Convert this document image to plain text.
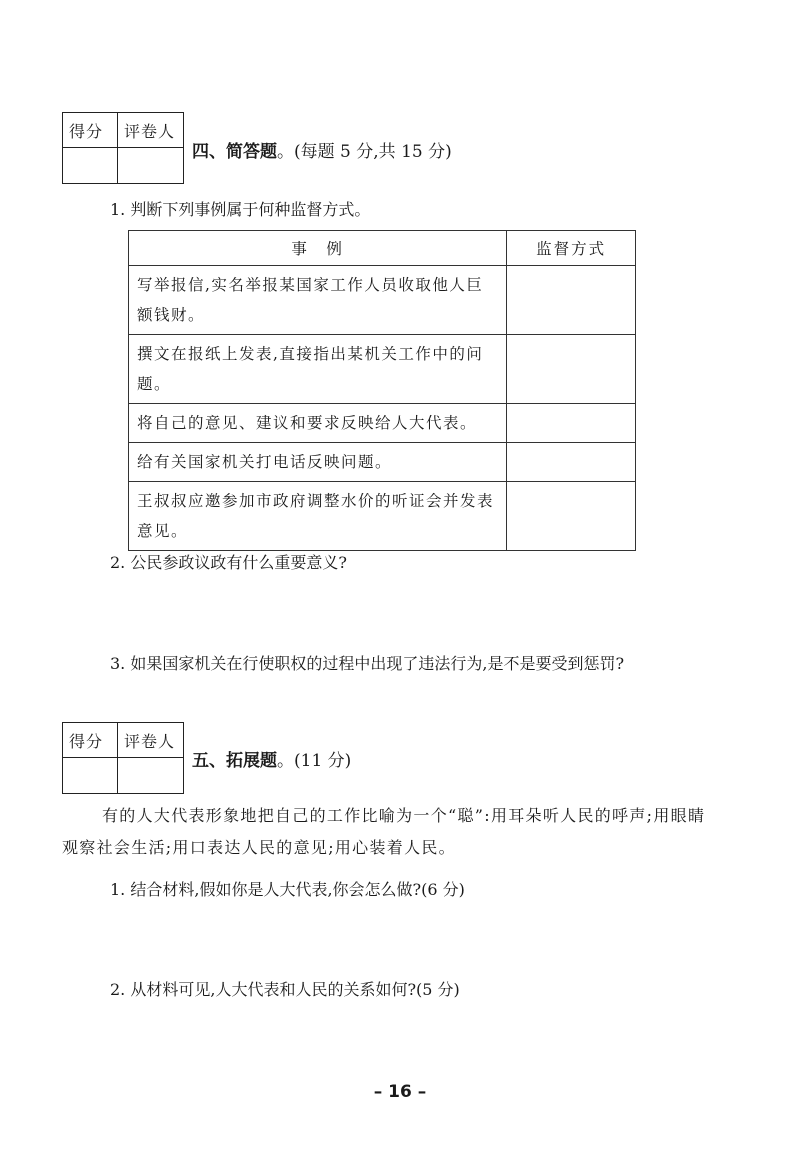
得分 评卷人
四、简答题。(每题 5 分,共 15 分)
1. 判断下列事例属于何种监督方式。
事　例	监督方式
写举报信,实名举报某国家工作人员收取他人巨额钱财。	
撰文在报纸上发表,直接指出某机关工作中的问题。	
将自己的意见、建议和要求反映给人大代表。	
给有关国家机关打电话反映问题。	
王叔叔应邀参加市政府调整水价的听证会并发表意见。	
2. 公民参政议政有什么重要意义?
3. 如果国家机关在行使职权的过程中出现了违法行为,是不是要受到惩罚?
得分 评卷人
五、拓展题。(11 分)
有的人大代表形象地把自己的工作比喻为一个“聪”:用耳朵听人民的呼声;用眼睛观察社会生活;用口表达人民的意见;用心装着人民。
1. 结合材料,假如你是人大代表,你会怎么做?(6 分)
2. 从材料可见,人大代表和人民的关系如何?(5 分)
– 16 –
